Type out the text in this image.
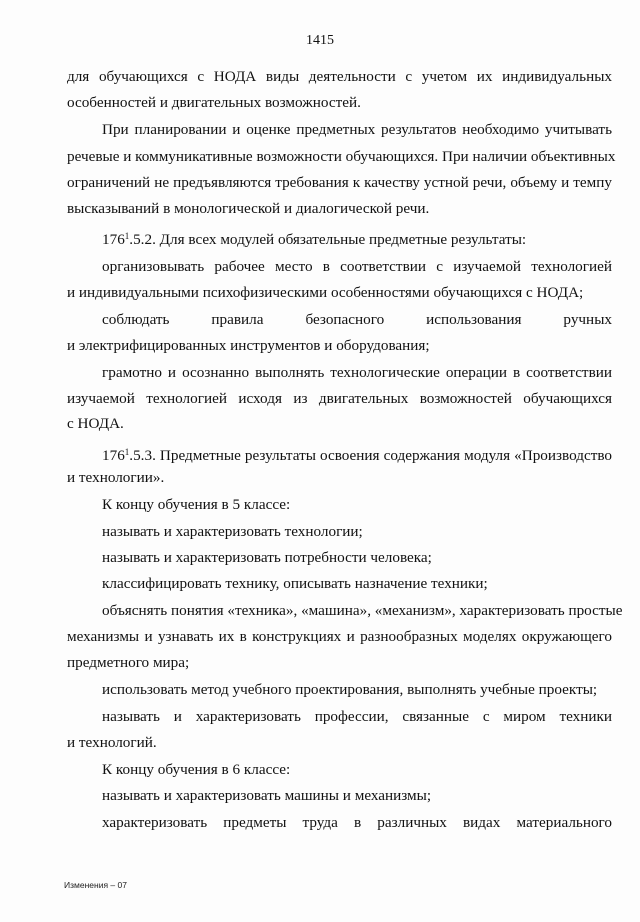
1415
для обучающихся с НОДА виды деятельности с учетом их индивидуальных
особенностей и двигательных возможностей.
При планировании и оценке предметных результатов необходимо учитывать
речевые и коммуникативные возможности обучающихся. При наличии объективных
ограничений не предъявляются требования к качеству устной речи, объему и темпу
высказываний в монологической и диалогической речи.
$176^1.5.2$. Для всех модулей обязательные предметные результаты:
организовывать рабочее место в соответствии с изучаемой технологией
и индивидуальными психофизическими особенностями обучающихся с НОДА;
соблюдать правила безопасного использования ручных
и электрифицированных инструментов и оборудования;
грамотно и осознанно выполнять технологические операции в соответствии
изучаемой технологией исходя из двигательных возможностей обучающихся
с НОДА.
$176^1.5.3$. Предметные результаты освоения содержания модуля «Производство
и технологии».
К концу обучения в 5 классе:
называть и характеризовать технологии;
называть и характеризовать потребности человека;
классифицировать технику, описывать назначение техники;
объяснять понятия «техника», «машина», «механизм», характеризовать простые
механизмы и узнавать их в конструкциях и разнообразных моделях окружающего
предметного мира;
использовать метод учебного проектирования, выполнять учебные проекты;
называть и характеризовать профессии, связанные с миром техники
и технологий.
К концу обучения в 6 классе:
называть и характеризовать машины и механизмы;
характеризовать предметы труда в различных видах материального
Изменения – 07
